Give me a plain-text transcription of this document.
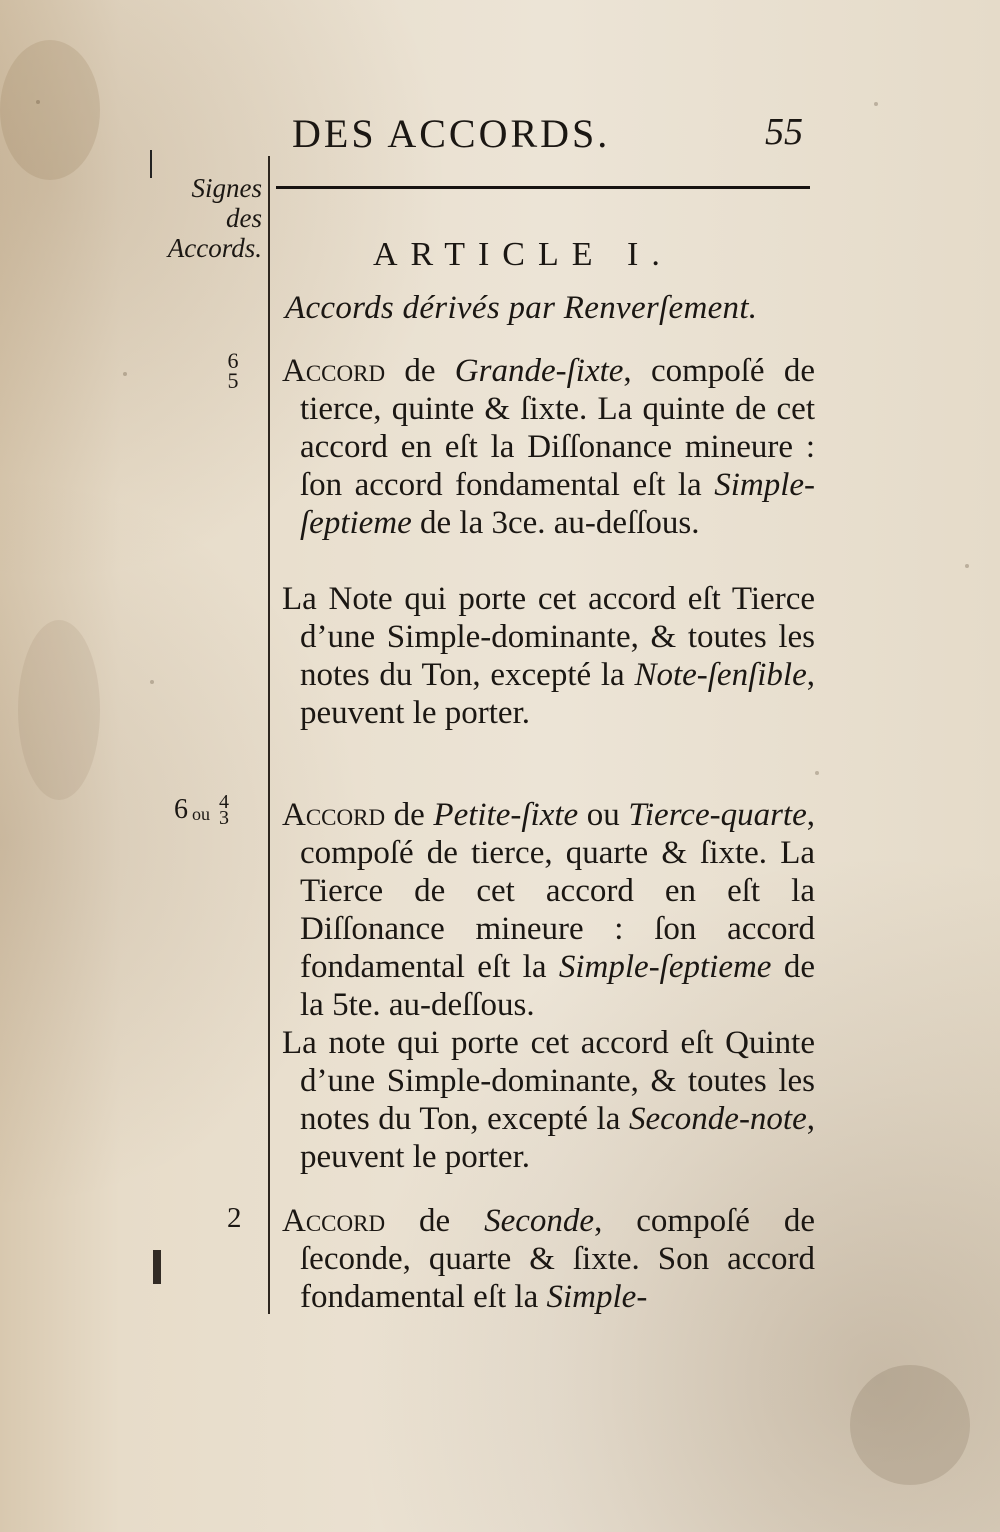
DES ACCORDS.	55
Signes
des
Accords.	ARTICLE I.
Accords dérivés par Renverſement.
6
5 Accord de Grande-ſixte, compoſé de tierce, quinte & ſixte. La quinte de cet accord en eſt la Diſſonance mineure : ſon accord fondamental eſt la Simple-ſeptieme de la 3ce. au-deſſous.
La Note qui porte cet accord eſt Tierce d’une Simple-dominante, & toutes les notes du Ton, excepté la Note-ſenſible, peuvent le porter.
6 ou
4
3 Accord de Petite-ſixte ou Tierce-quarte, compoſé de tierce, quarte & ſixte. La Tierce de cet accord en eſt la Diſſonance mineure : ſon accord fondamental eſt la Simple-ſeptieme de la 5te. au-deſſous.
La note qui porte cet accord eſt Quinte d’une Simple-dominante, & toutes les notes du Ton, excepté la Seconde-note, peuvent le porter.
2 Accord de Seconde, compoſé de ſeconde, quarte & ſixte. Son accord fondamental eſt la Simple-
